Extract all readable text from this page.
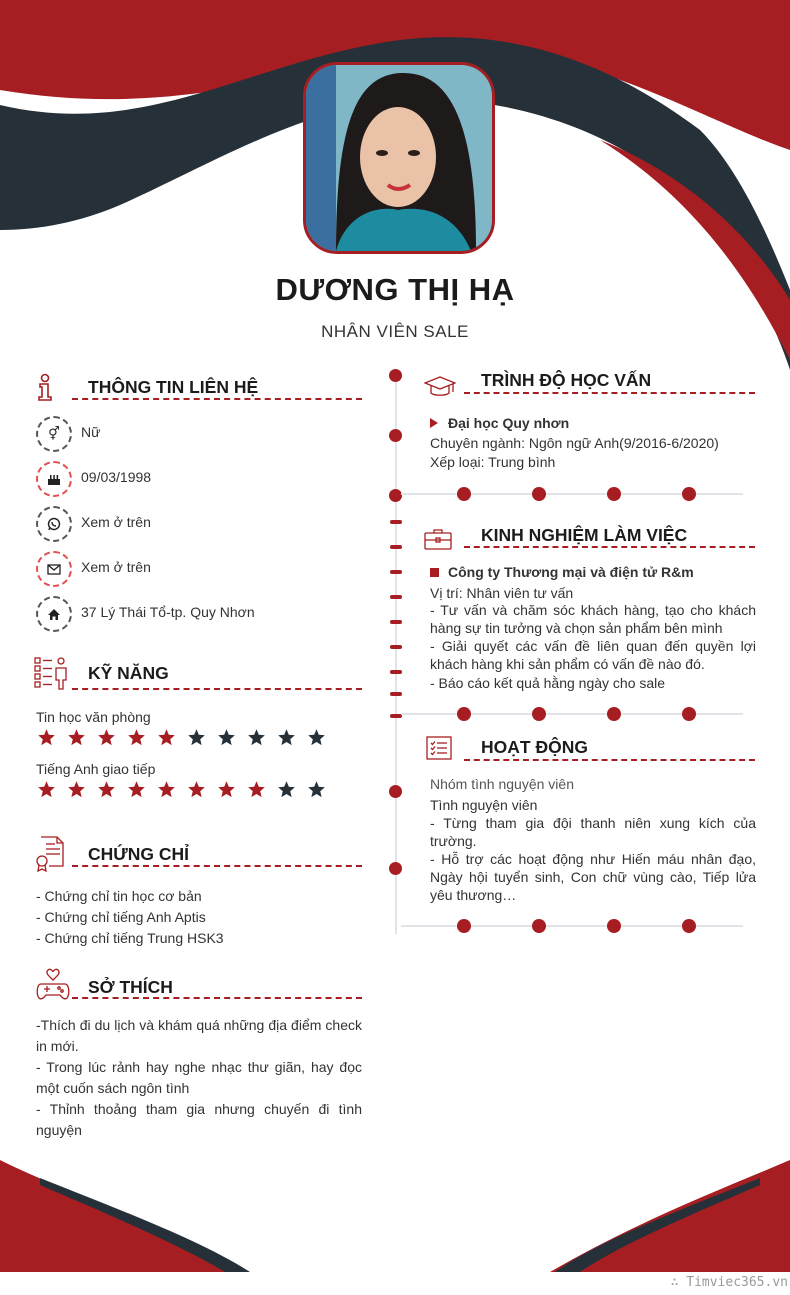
DƯƠNG THỊ HẠ
NHÂN VIÊN SALE
THÔNG TIN LIÊN HỆ
⚥	Nữ
09/03/1998
Xem ở trên
Xem ở trên
37 Lý Thái Tổ-tp. Quy Nhơn
KỸ NĂNG
Tin học văn phòng
Tiếng Anh giao tiếp
CHỨNG CHỈ
- Chứng chỉ tin học cơ bản
- Chứng chỉ tiếng Anh Aptis
- Chứng chỉ tiếng Trung HSK3
SỞ THÍCH
-Thích đi du lịch và khám quá những địa điểm check in mới.
- Trong lúc rảnh hay nghe nhạc thư giãn, hay đọc một cuốn sách ngôn tình
- Thỉnh thoảng tham gia nhưng chuyến đi tình nguyện
TRÌNH ĐỘ HỌC VẤN
Đại học Quy nhơn
Chuyên ngành: Ngôn ngữ Anh(9/2016-6/2020)
Xếp loại: Trung bình
KINH NGHIỆM LÀM VIỆC
Công ty Thương mại và điện tử R&m
Vị trí: Nhân viên tư vấn
- Tư vấn và chăm sóc khách hàng, tạo cho khách hàng sự tin tưởng và chọn sản phẩm bên mình
- Giải quyết các vấn đề liên quan đến quyền lợi khách hàng khi sản phẩm có vấn đề nào đó.
- Báo cáo kết quả hằng ngày cho sale
HOẠT ĐỘNG
Nhóm tình nguyện viên
Tình nguyện viên
- Từng tham gia đội thanh niên xung kích của trường.
- Hỗ trợ các hoạt động như Hiến máu nhân đạo, Ngày hội tuyển sinh, Con chữ vùng cào, Tiếp lửa yêu thương…
∴ Timviec365.vn
